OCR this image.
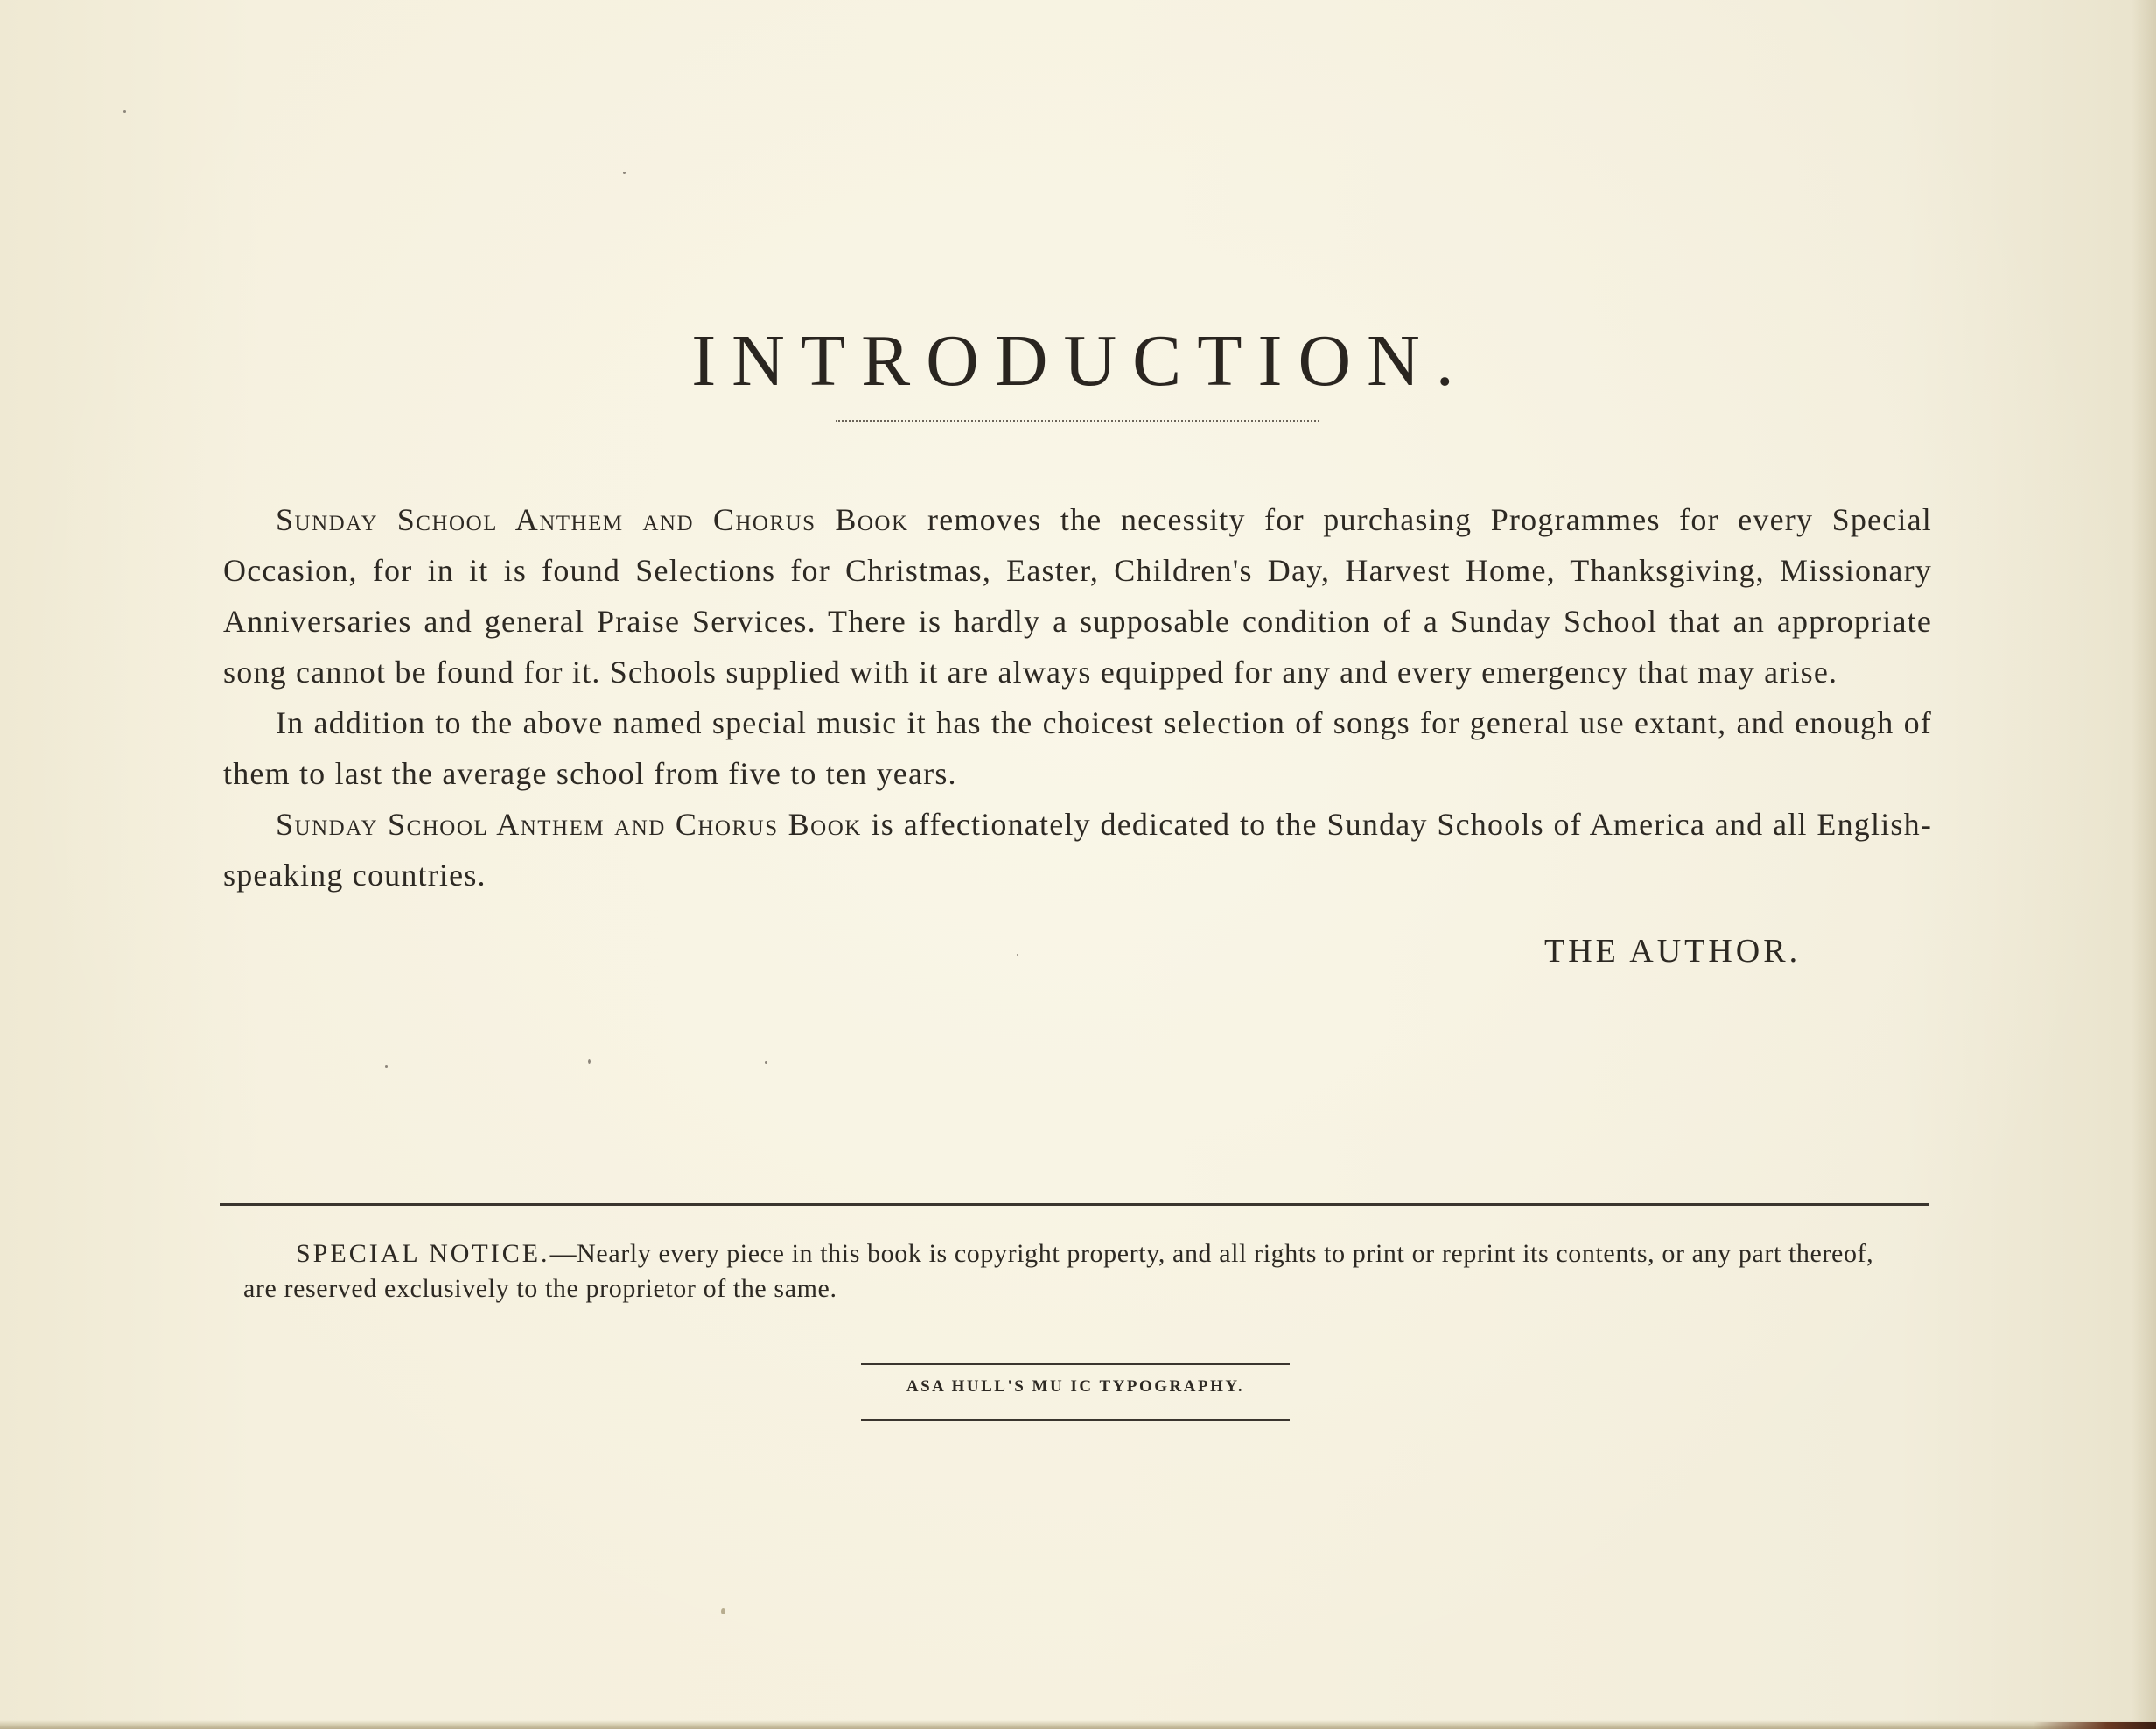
INTRODUCTION.

Sunday School Anthem and Chorus Book removes the necessity for purchasing Programmes for every Special Occasion, for in it is found Selections for Christmas, Easter, Children's Day, Harvest Home, Thanksgiving, Missionary Anniversaries and general Praise Services. There is hardly a supposable condition of a Sunday School that an appropriate song cannot be found for it. Schools supplied with it are always equipped for any and every emergency that may arise.

In addition to the above named special music it has the choicest selection of songs for general use extant, and enough of them to last the average school from five to ten years.

Sunday School Anthem and Chorus Book is affectionately dedicated to the Sunday Schools of America and all English-speaking countries.

THE AUTHOR.
SPECIAL NOTICE.—Nearly every piece in this book is copyright property, and all rights to print or reprint its contents, or any part thereof, are reserved exclusively to the proprietor of the same.
ASA HULL'S MU IC TYPOGRAPHY.
